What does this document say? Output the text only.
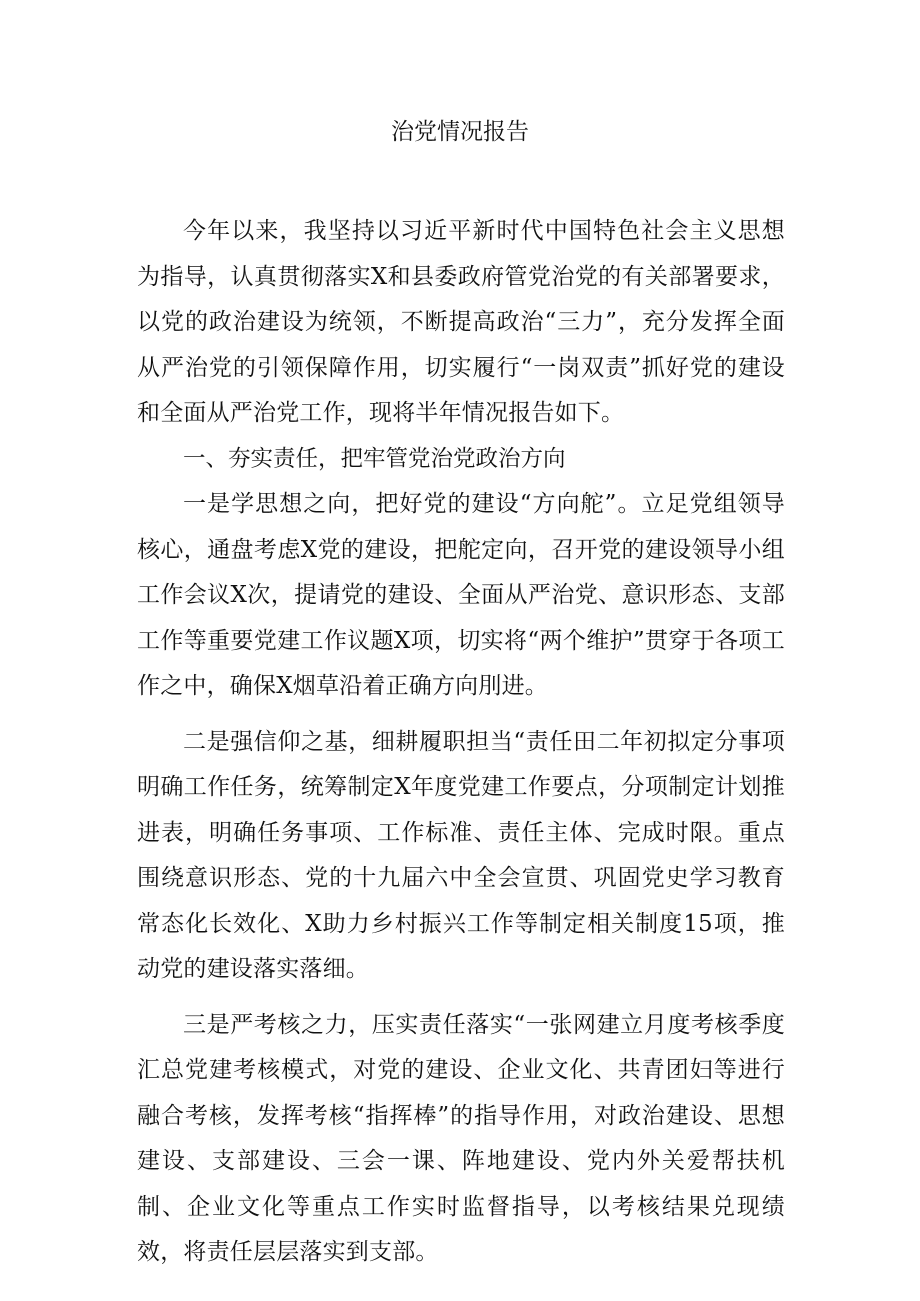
治党情况报告

今年以来，我坚持以习近平新时代中国特色社会主义思想为指导，认真贯彻落实X和县委政府管党治党的有关部署要求，以党的政治建设为统领，不断提高政治“三力”，充分发挥全面从严治党的引领保障作用，切实履行“一岗双责”抓好党的建设和全面从严治党工作，现将半年情况报告如下。

一、夯实责任，把牢管党治党政治方向

一是学思想之向，把好党的建设“方向舵”。立足党组领导核心，通盘考虑X党的建设，把舵定向，召开党的建设领导小组工作会议X次，提请党的建设、全面从严治党、意识形态、支部工作等重要党建工作议题X项，切实将“两个维护”贯穿于各项工作之中，确保X烟草沿着正确方向刖进。

二是强信仰之基，细耕履职担当“责任田二年初拟定分事项明确工作任务，统筹制定X年度党建工作要点，分项制定计划推进表，明确任务事项、工作标准、责任主体、完成时限。重点围绕意识形态、党的十九届六中全会宣贯、巩固党史学习教育常态化长效化、X助力乡村振兴工作等制定相关制度15项，推动党的建设落实落细。

三是严考核之力，压实责任落实“一张网建立月度考核季度汇总党建考核模式，对党的建设、企业文化、共青团妇等进行融合考核，发挥考核“指挥棒”的指导作用，对政治建设、思想建设、支部建设、三会一课、阵地建设、党内外关爱帮扶机制、企业文化等重点工作实时监督指导，以考核结果兑现绩效，将责任层层落实到支部。
